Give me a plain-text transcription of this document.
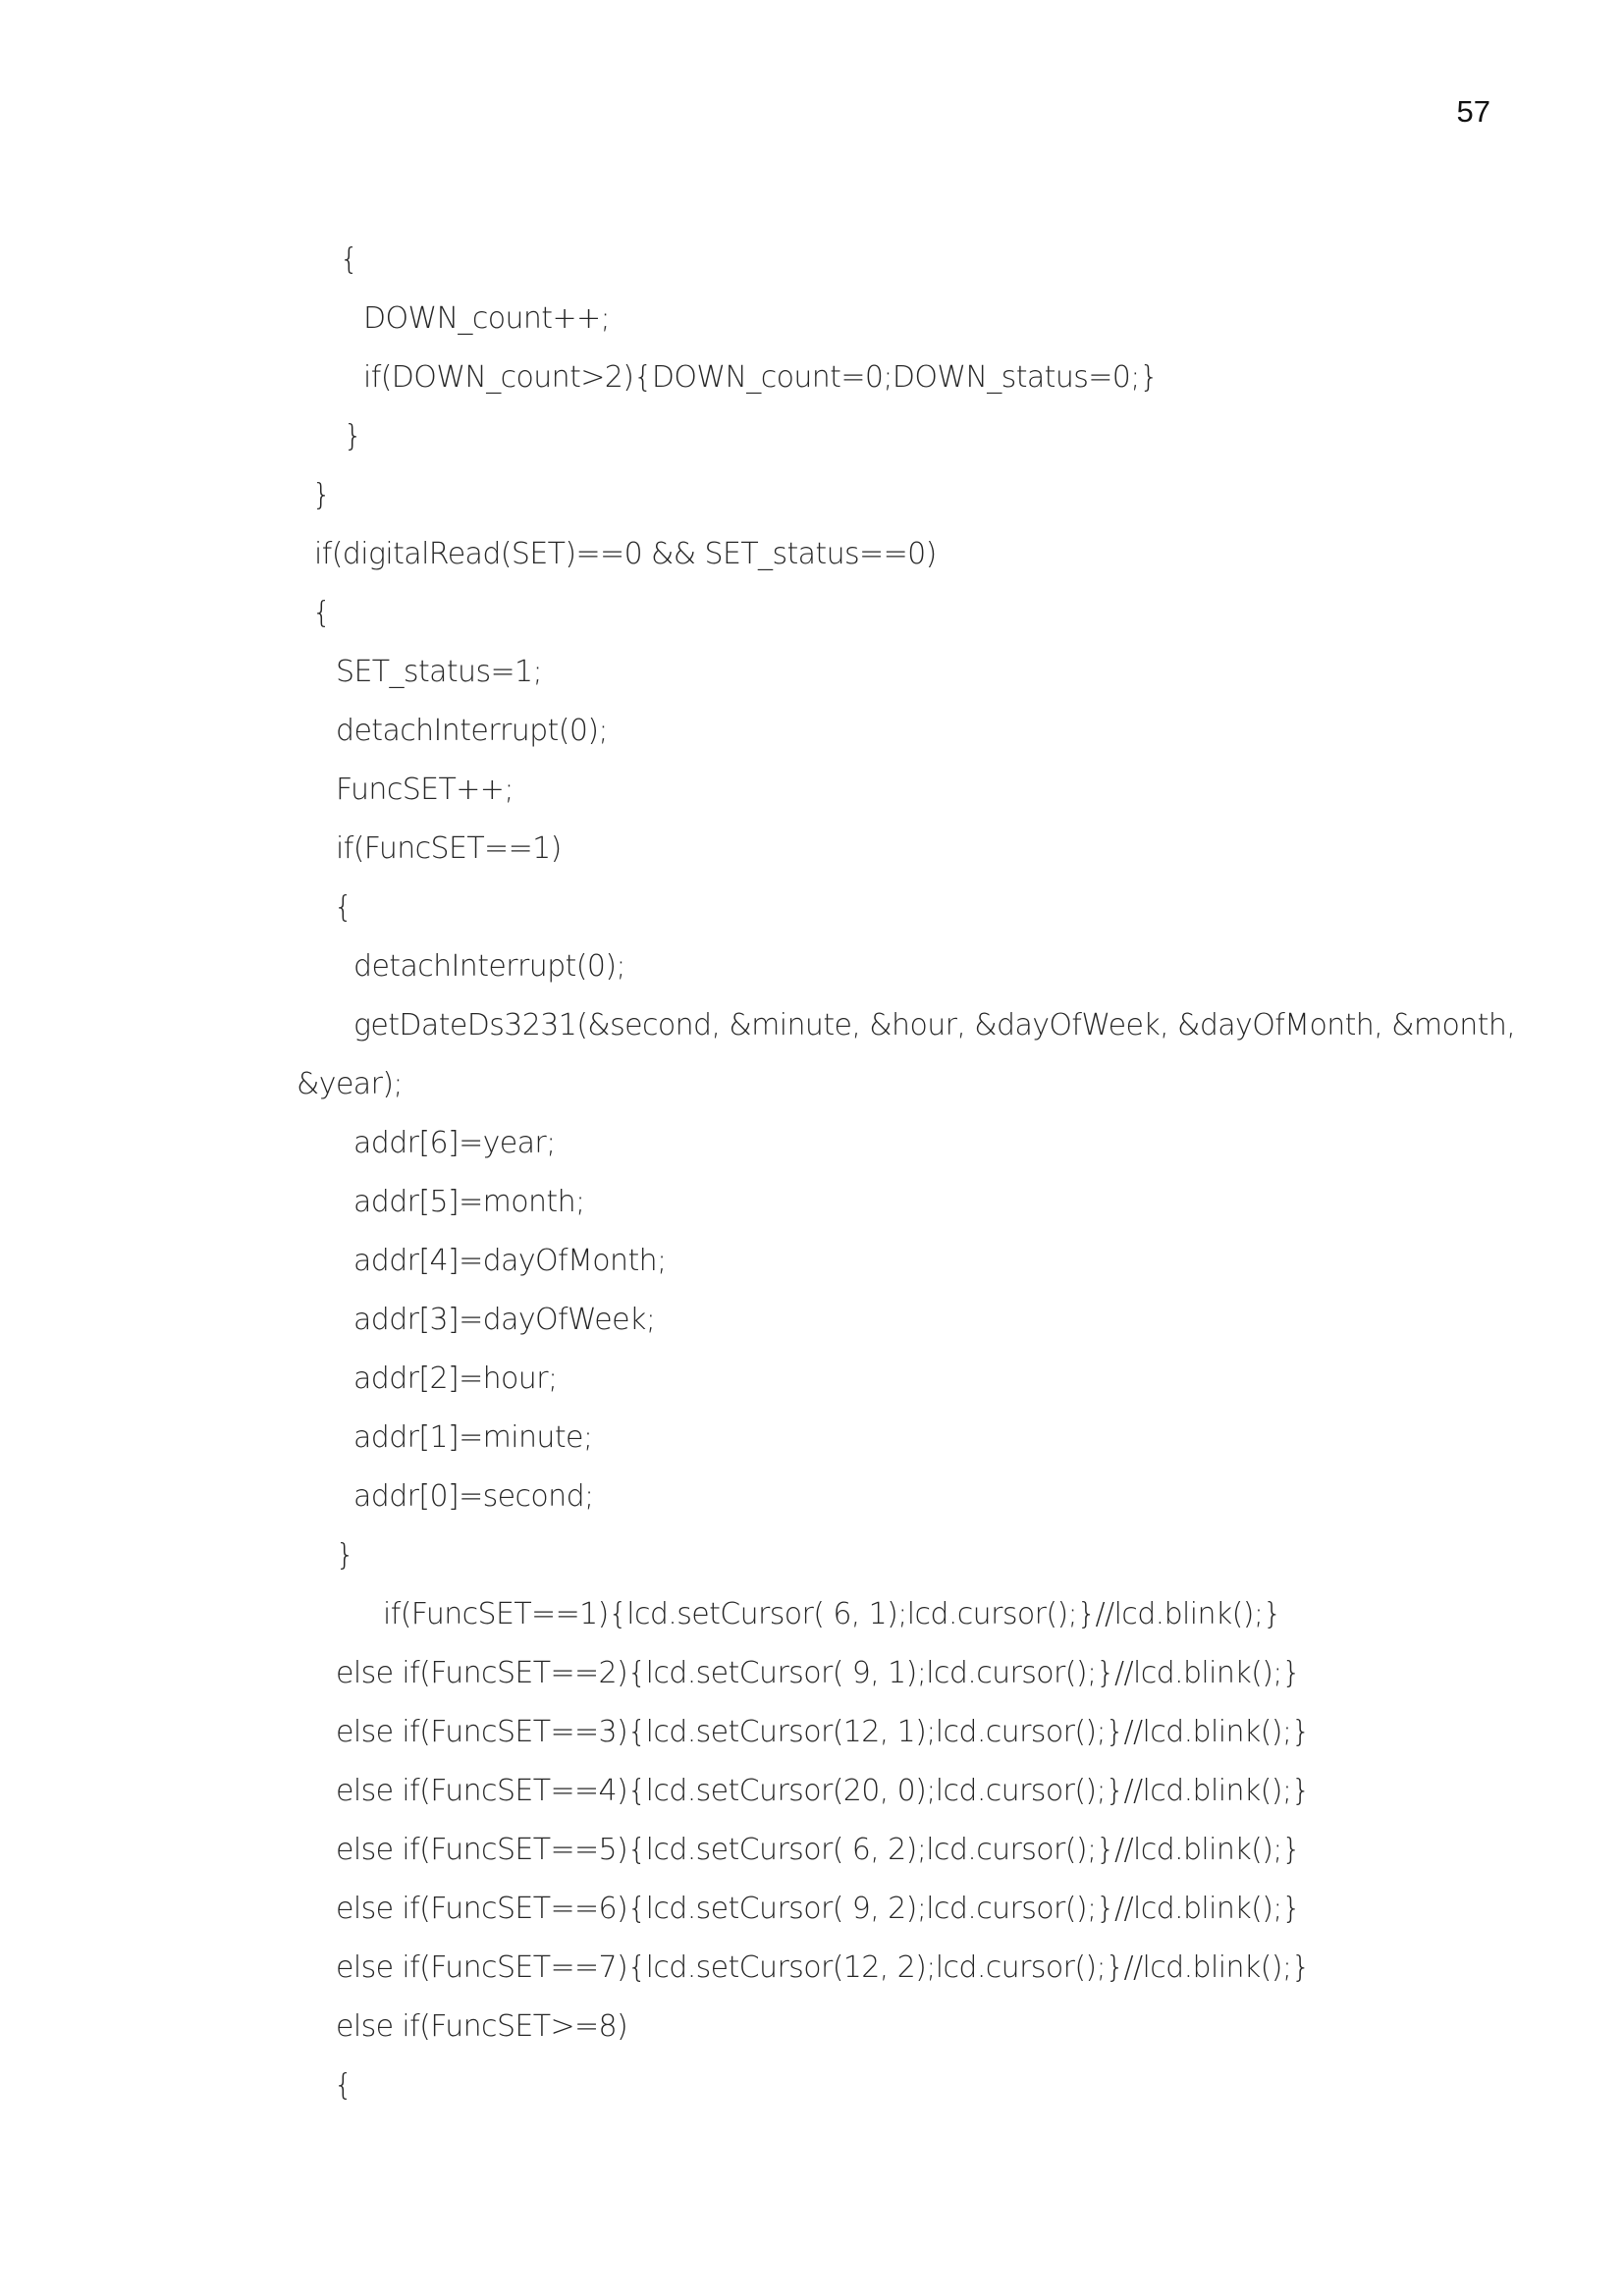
57
{
DOWN_count++;
if(DOWN_count>2){DOWN_count=0;DOWN_status=0;}
}
}
if(digitalRead(SET)==0 && SET_status==0)
{
SET_status=1;
detachInterrupt(0);
FuncSET++;
if(FuncSET==1)
{
detachInterrupt(0);
getDateDs3231(&second, &minute, &hour, &dayOfWeek, &dayOfMonth, &month,
&year);
addr[6]=year;
addr[5]=month;
addr[4]=dayOfMonth;
addr[3]=dayOfWeek;
addr[2]=hour;
addr[1]=minute;
addr[0]=second;
}
if(FuncSET==1){lcd.setCursor( 6, 1);lcd.cursor();}//lcd.blink();}
else if(FuncSET==2){lcd.setCursor( 9, 1);lcd.cursor();}//lcd.blink();}
else if(FuncSET==3){lcd.setCursor(12, 1);lcd.cursor();}//lcd.blink();}
else if(FuncSET==4){lcd.setCursor(20, 0);lcd.cursor();}//lcd.blink();}
else if(FuncSET==5){lcd.setCursor( 6, 2);lcd.cursor();}//lcd.blink();}
else if(FuncSET==6){lcd.setCursor( 9, 2);lcd.cursor();}//lcd.blink();}
else if(FuncSET==7){lcd.setCursor(12, 2);lcd.cursor();}//lcd.blink();}
else if(FuncSET>=8)
{
